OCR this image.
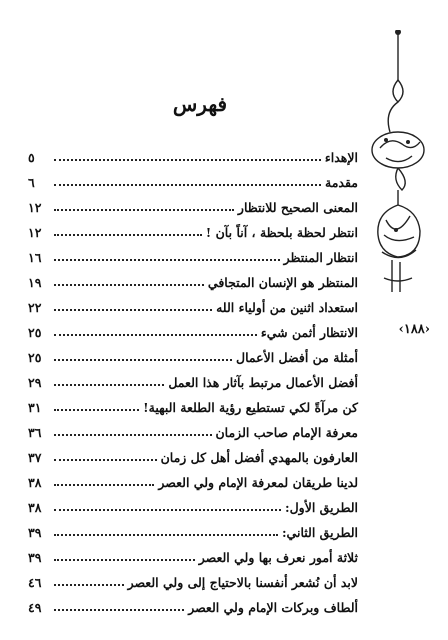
فهرس
الإهداء
٥
مقدمة
٦
المعنى الصحيح للانتظار
١٢
انتظر لحظة بلحظة ، آناً بآن !
١٢
انتظار المنتظر
١٦
المنتظر هو الإنسان المتجافي
١٩
استعداد اثنين من أولياء الله
٢٢
الانتظار أثمن شيء
٢٥
أمثلة من أفضل الأعمال
٢٥
أفضل الأعمال مرتبط بآثار هذا العمل
٢٩
كن مرآةً لكي تستطيع رؤية الطلعة البهية!
٣١
معرفة الإمام صاحب الزمان
٣٦
العارفون بالمهدي أفضل أهل كل زمان
٣٧
لدينا طريقان لمعرفة الإمام ولي العصر
٣٨
الطريق الأول:
٣٨
الطريق الثاني:
٣٩
ثلاثة أمور نعرف بها ولي العصر
٣٩
لابد أن نُشعر أنفسنا بالاحتياج إلى ولي العصر
٤٦
ألطاف وبركات الإمام ولي العصر
٤٩
‹١٨٨›
